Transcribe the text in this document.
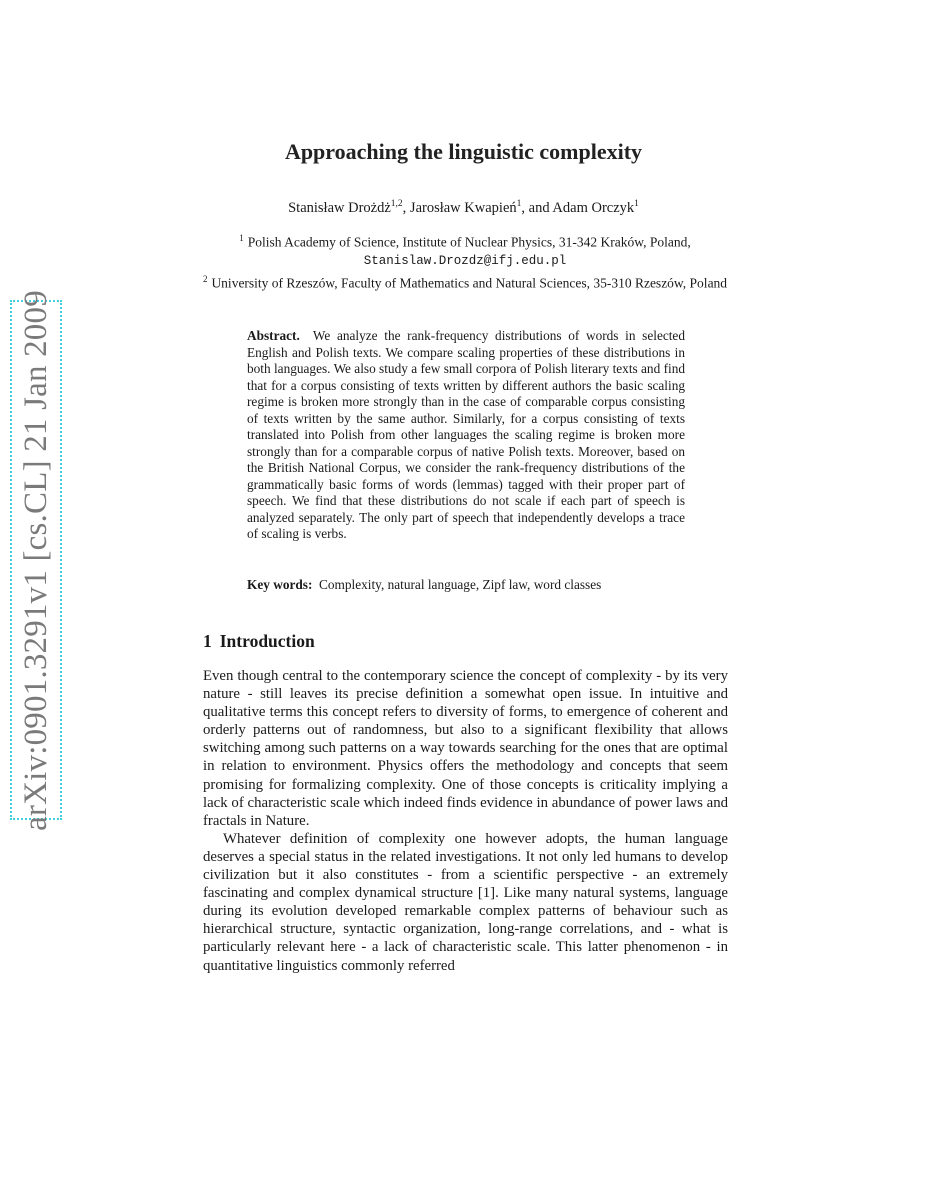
arXiv:0901.3291v1 [cs.CL] 21 Jan 2009
Approaching the linguistic complexity
Stanisław Drożdż$^{1,2}$, Jarosław Kwapień$^1$, and Adam Orczyk$^1$
$^1$ Polish Academy of Science, Institute of Nuclear Physics, 31-342 Kraków, Poland,
Stanislaw.Drozdz@ifj.edu.pl
$^2$ University of Rzeszów, Faculty of Mathematics and Natural Sciences, 35-310 Rzeszów, Poland
Abstract. We analyze the rank-frequency distributions of words in selected English and Polish texts. We compare scaling properties of these distributions in both languages. We also study a few small corpora of Polish literary texts and find that for a corpus consisting of texts written by different authors the basic scaling regime is broken more strongly than in the case of comparable corpus consisting of texts written by the same author. Similarly, for a corpus consisting of texts translated into Polish from other languages the scaling regime is broken more strongly than for a comparable corpus of native Polish texts. Moreover, based on the British National Corpus, we consider the rank-frequency distributions of the grammatically basic forms of words (lemmas) tagged with their proper part of speech. We find that these distributions do not scale if each part of speech is analyzed separately. The only part of speech that independently develops a trace of scaling is verbs.
Key words: Complexity, natural language, Zipf law, word classes
1 Introduction

Even though central to the contemporary science the concept of complexity - by its very nature - still leaves its precise definition a somewhat open issue. In intuitive and qualitative terms this concept refers to diversity of forms, to emergence of coherent and orderly patterns out of randomness, but also to a significant flexibility that allows switching among such patterns on a way towards searching for the ones that are optimal in relation to environment. Physics offers the methodology and concepts that seem promising for formalizing complexity. One of those concepts is criticality implying a lack of characteristic scale which indeed finds evidence in abundance of power laws and fractals in Nature.

Whatever definition of complexity one however adopts, the human language deserves a special status in the related investigations. It not only led humans to develop civilization but it also constitutes - from a scientific perspective - an extremely fascinating and complex dynamical structure [1]. Like many natural systems, language during its evolution developed remarkable complex patterns of behaviour such as hierarchical structure, syntactic organization, long-range correlations, and - what is particularly relevant here - a lack of characteristic scale. This latter phenomenon - in quantitative linguistics commonly referred
